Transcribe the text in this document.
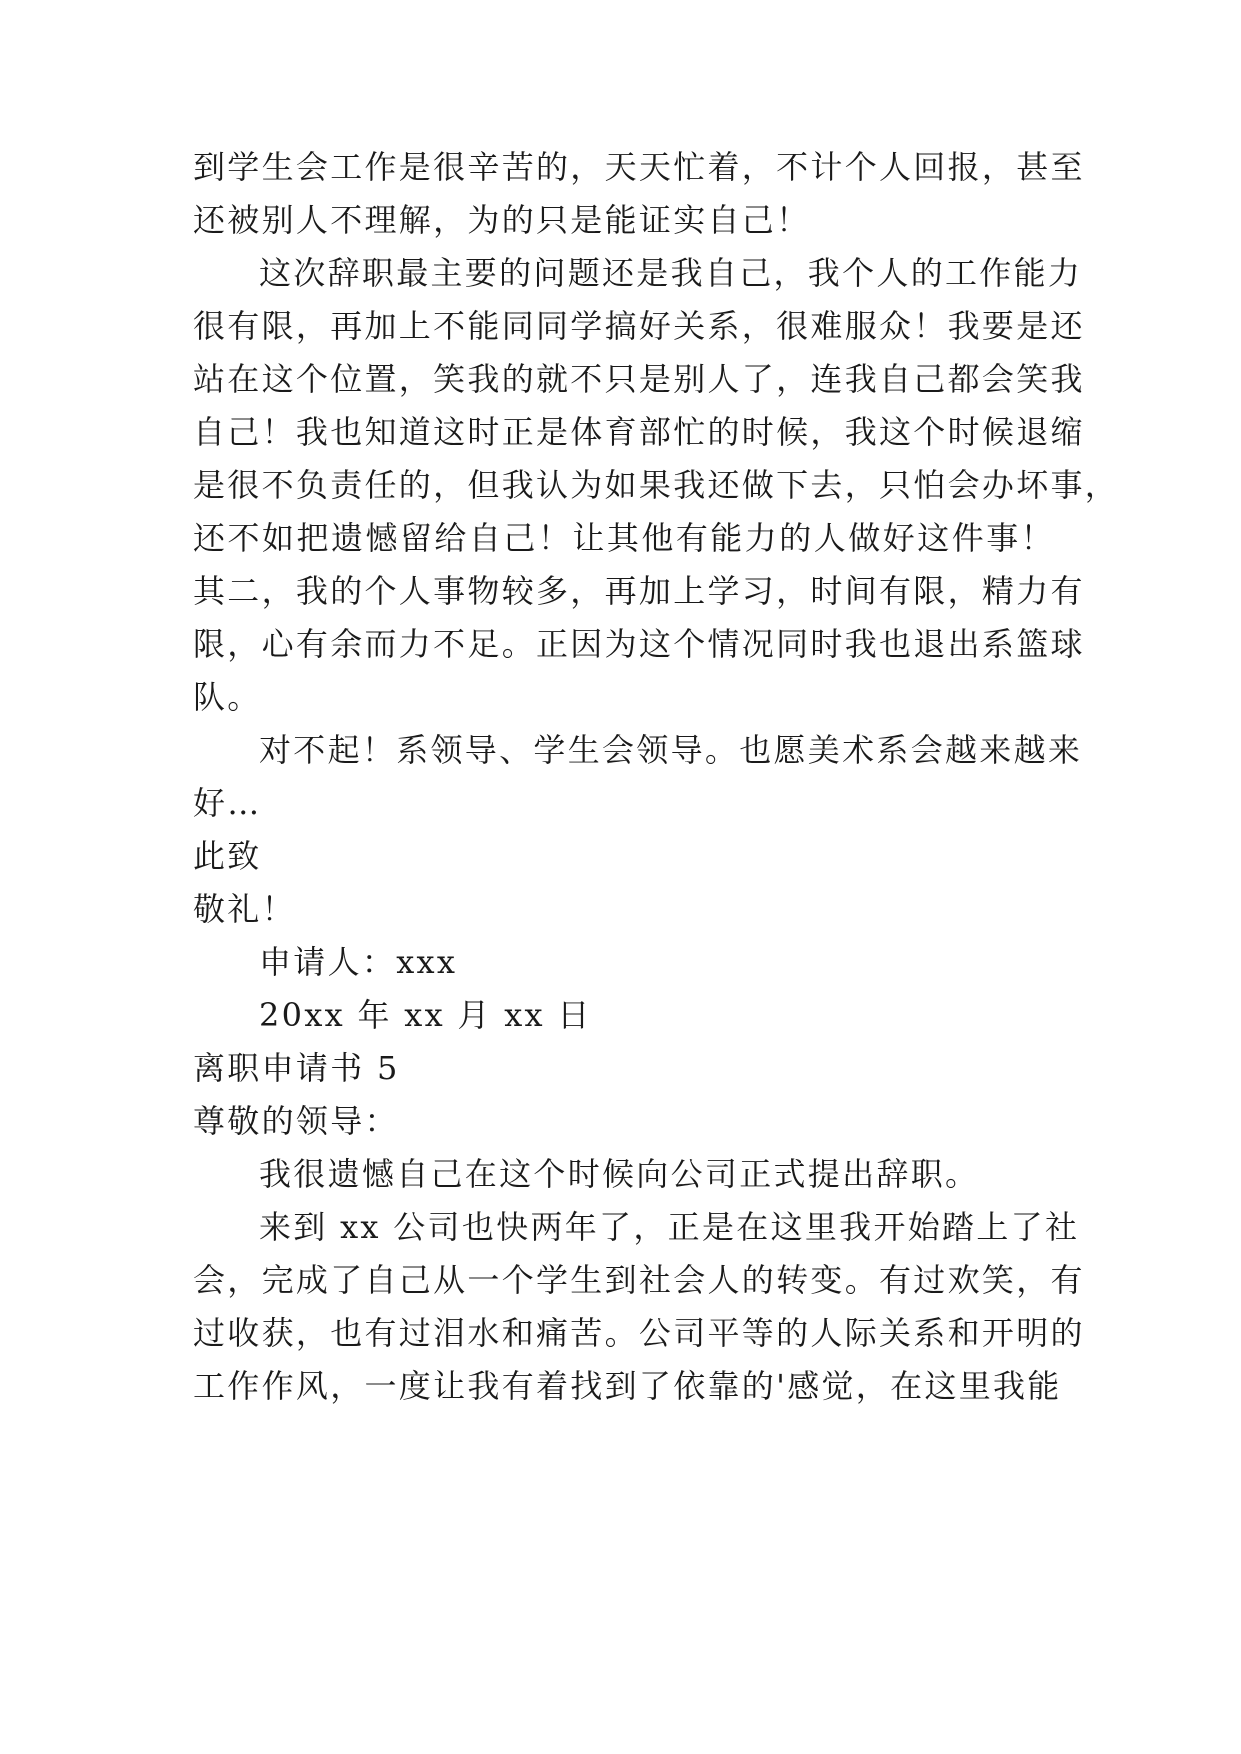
到学生会工作是很辛苦的，天天忙着，不计个人回报，甚至
还被别人不理解，为的只是能证实自己！
这次辞职最主要的问题还是我自己，我个人的工作能力
很有限，再加上不能同同学搞好关系，很难服众！我要是还
站在这个位置，笑我的就不只是别人了，连我自己都会笑我
自己！我也知道这时正是体育部忙的时候，我这个时候退缩
是很不负责任的，但我认为如果我还做下去，只怕会办坏事，
还不如把遗憾留给自己！让其他有能力的人做好这件事！
其二，我的个人事物较多，再加上学习，时间有限，精力有
限，心有余而力不足。正因为这个情况同时我也退出系篮球
队。
对不起！系领导、学生会领导。也愿美术系会越来越来
好…
此致
敬礼！
申请人：xxx
20xx 年 xx 月 xx 日
离职申请书 5
尊敬的领导：
我很遗憾自己在这个时候向公司正式提出辞职。
来到 xx 公司也快两年了，正是在这里我开始踏上了社
会，完成了自己从一个学生到社会人的转变。有过欢笑，有
过收获，也有过泪水和痛苦。公司平等的人际关系和开明的
工作作风，一度让我有着找到了依靠的'感觉，在这里我能
